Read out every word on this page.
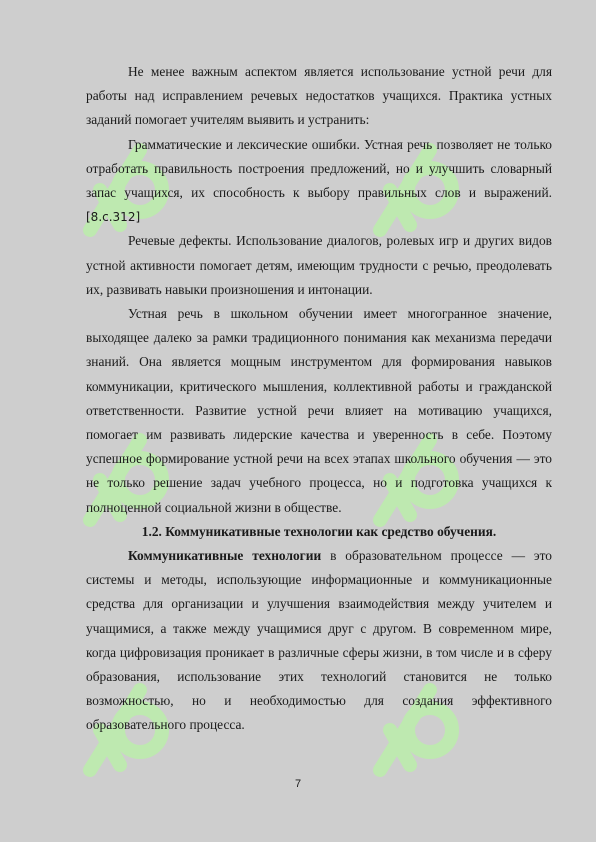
Не менее важным аспектом является использование устной речи для работы над исправлением речевых недостатков учащихся. Практика устных заданий помогает учителям выявить и устранить:

Грамматические и лексические ошибки. Устная речь позволяет не только отработать правильность построения предложений, но и улучшить словарный запас учащихся, их способность к выбору правильных слов и выражений. [8.c.312]

Речевые дефекты. Использование диалогов, ролевых игр и других видов устной активности помогает детям, имеющим трудности с речью, преодолевать их, развивать навыки произношения и интонации.

Устная речь в школьном обучении имеет многогранное значение, выходящее далеко за рамки традиционного понимания как механизма передачи знаний. Она является мощным инструментом для формирования навыков коммуникации, критического мышления, коллективной работы и гражданской ответственности. Развитие устной речи влияет на мотивацию учащихся, помогает им развивать лидерские качества и уверенность в себе. Поэтому успешное формирование устной речи на всех этапах школьного обучения — это не только решение задач учебного процесса, но и подготовка учащихся к полноценной социальной жизни в обществе.

1.2. Коммуникативные технологии как средство обучения.

Коммуникативные технологии в образовательном процессе — это системы и методы, использующие информационные и коммуникационные средства для организации и улучшения взаимодействия между учителем и учащимися, а также между учащимися друг с другом. В современном мире, когда цифровизация проникает в различные сферы жизни, в том числе и в сферу образования, использование этих технологий становится не только возможностью, но и необходимостью для создания эффективного образовательного процесса.

7
